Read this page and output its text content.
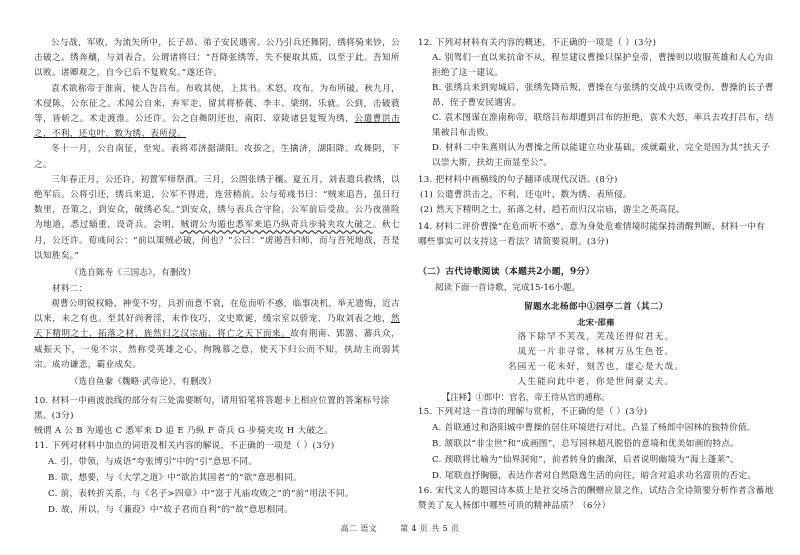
公与战，军败，为流矢所中，长子昂、弟子安民遇害。公乃引兵还舞阴，绣将骑来钞，公击破之。绣奔穰，与刘表合。公谓诸将曰：“吾降张绣等，失不便取其质，以至于此。吾知所以败。诸卿观之，自今已后不复败矣。”遂还许。

袁术欲称帝于淮南，使人告吕布。布收其使，上其书。术怒，攻布，为布所破。秋九月，术侵陈，公东征之。术闻公自来，弃军走，留其将桥蕤、李丰、梁纲、乐就。公到，击破蕤等，皆斩之。术走渡淮。公还许。公之自舞阴还也，南阳、章陵诸县复叛为绣，公遣曹洪击之，不利，还屯叶，数为绣、表所侵。

冬十一月，公自南征，至宛。表将邓济据湖阳。攻拔之，生擒济，湖阳降。攻舞阴，下之。

三年春正月，公还许，初置军师祭酒。三月，公围张绣于穰。夏五月，刘表遣兵救绣，以绝军后。公将引还，绣兵来追，公军不得进，连营稍前。公与荀彧书曰：“贼来追吾，虽日行数里，吾策之，到安众，破绣必矣。”到安众，绣与表兵合守险，公军前后受敌。公乃夜凿险为地道，悉过辎重，设奇兵。会明，贼谓公为遁也悉军来追乃纵奇兵步骑夹攻大破之。秋七月，公还许。荀彧问公：“前以策贼必破，何也？”公曰：“虏遏吾归师，而与吾死地战，吾是以知胜矣。”

（选自陈寿《三国志》，有删改）

材料二：

观曹公明锐权略，神变不穷，兵折而意不衰，在危而听不惑，临事决机，举无遗悔，近古以来，未之有也。至其好尚奢淫，末作伎巧，文史欺诞，缓宗室以骄宠，乃取刘表之地，然天下精明之士，拓落之材，旌然归之汉宗庙，将亡之天下而来。故有荆南、郢嚣、蕃兵众，威振天下，一兔不宗，然称受英雄之心，徇隗慕之意，使天下归公而不知，执劫主而弱其宗。成功谦悲，霸业成矣。

（选自鱼豢《魏略·武帝论》，有删改）

10. 材料一中画波浪线的部分有三处需要断句，请用铅笔将答题卡上相应位置的答案标号涂黑。(3分)

贼谓 A 公 B 为遁也 C 悉军来 D 追 E 乃纵 F 奇兵 G 步骑夹攻 H 大破之。

11. 下列对材料中加点的词语及相关内容的解说，不正确的一项是（ ）(3分)

A. 引，带领，与成语“夸张博引”中的“引”意思不同。

B. 欲，想要，与《大学之道》中“欲治其国者”的“欲”意思相同。

C. 前，表转折关系，与《名子>四章》中“富于凡庙攻败之”的“前”用法不同。

D. 故，所以，与《蒹葭》中“故子君而自利”的“故”意思相同。

12. 下列对材料有关内容的概述，不正确的一项是（ ）(3分)

A. 别驾们一直以来抗命不从，程昱建议曹操只保护皇帝，曹操则以收服英雄和人心为由拒绝了这一建议。

B. 张绣兵来到宛城后，张绣先降后叛，曹操在与张绣的交战中兵败受伤，曹操的长子曹昂、侄子曹安民遇害。

C. 袁术图谋在淮南称帝，联络吕布却遭到吕布的拒绝，袁术大怒，率兵去攻打吕布，结果被吕布击败。

D. 材料二中朱熹则认为曹操之所以能建立功业基础，成就霸业，完全是因为其“扶天子以崇大斯，扶幼主而显至公”。

13. 把材料中画横线的句子翻译成现代汉语。(8分)

(1) 公遣曹洪击之，不利，还屯叶，数为绣、表所侵。

(2) 然天下精明之士，拓落之材，趋若而归汉宗庙，游尘之英高昆。

14. 材料二评价曹操“在危而听不惑”，意为身处危难情境时能保持清醒判断，材料一中有哪些事实可以支持这一看法？请简要说明。(3分)

（二）古代诗歌阅读（本题共2小题，9分）

阅读下面一首诗歌，完成15-16小题。

留题水北杨郎中①园亭二首（其二）
北宋·邵雍
洛下除罕不芙茂，芙茂还得似君无。
凤光一片非寻常，林树万丛生色苍。
名园无一花未好，刻苦也，虚心是大哉。
人生能向此中老，你是世间豪丈夫。

【注释】①郎中：官名，帝王待从官的通称。

15. 下列对这一首诗的理解与赏析，不正确的是（ ）(3分)

A. 首联通过和洛阳城中曹操的居住环境进行对比，凸显了杨郎中园林的独特价值。

B. 颔联以“非尘世”和“成画图”，总写园林超凡脱俗的意境和优美如画的特点。

C. 颈联将比喻为“仙界洞宛”，前者转身的幽深，后者说明幽境为“海上蓬莱”。

D. 尾联直抒胸臆，表达作者对自然隐逸生活的向往，暗含对追求功名富贵的否定。

16. 宋代文人的题园诗本质上是社交场合的酬赠应景之作，试结合全诗简要分析作者含蓄地赞美了友人杨郎中哪些可贵的精神品质？（6分）

高二 语文	第 4 页 共 5 页
